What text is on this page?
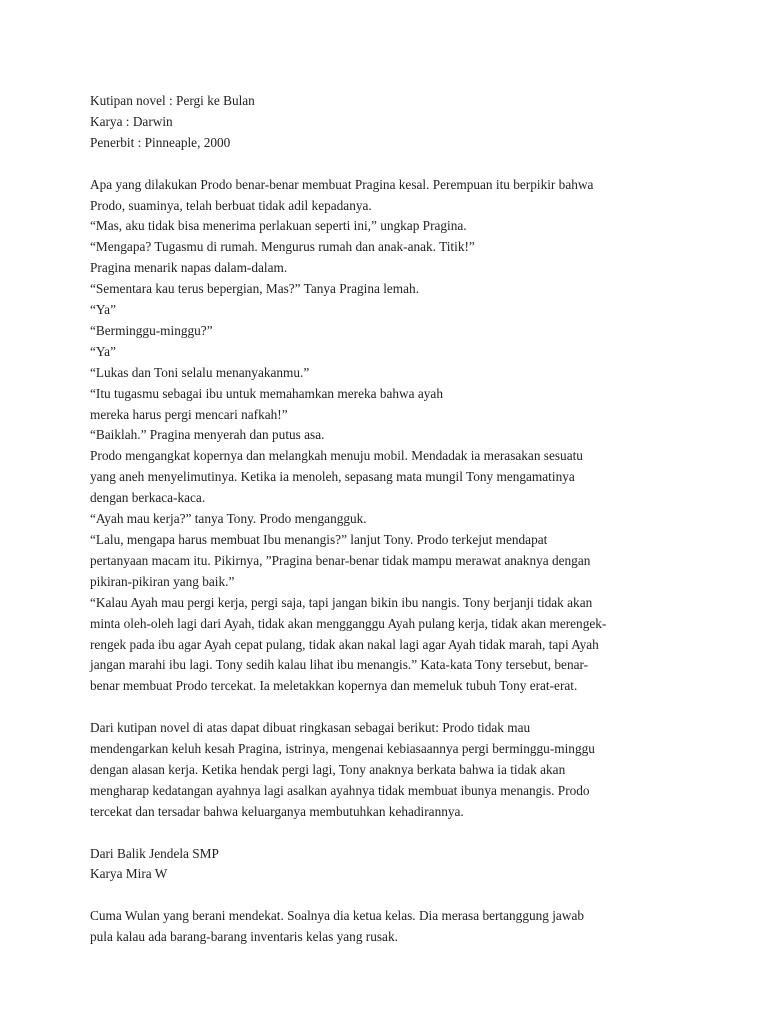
Kutipan novel : Pergi ke Bulan
Karya : Darwin
Penerbit : Pinneaple, 2000
Apa yang dilakukan Prodo benar-benar membuat Pragina kesal. Perempuan itu berpikir bahwa
Prodo, suaminya, telah berbuat tidak adil kepadanya.
“Mas, aku tidak bisa menerima perlakuan seperti ini,” ungkap Pragina.
“Mengapa? Tugasmu di rumah. Mengurus rumah dan anak-anak. Titik!”
Pragina menarik napas dalam-dalam.
“Sementara kau terus bepergian, Mas?” Tanya Pragina lemah.
“Ya”
“Berminggu-minggu?”
“Ya”
“Lukas dan Toni selalu menanyakanmu.”
“Itu tugasmu sebagai ibu untuk memahamkan mereka bahwa ayah
mereka harus pergi mencari nafkah!”
“Baiklah.” Pragina menyerah dan putus asa.
Prodo mengangkat kopernya dan melangkah menuju mobil. Mendadak ia merasakan sesuatu
yang aneh menyelimutinya. Ketika ia menoleh, sepasang mata mungil Tony mengamatinya
dengan berkaca-kaca.
“Ayah mau kerja?” tanya Tony. Prodo mengangguk.
“Lalu, mengapa harus membuat Ibu menangis?” lanjut Tony. Prodo terkejut mendapat
pertanyaan macam itu. Pikirnya, ”Pragina benar-benar tidak mampu merawat anaknya dengan
pikiran-pikiran yang baik.”
“Kalau Ayah mau pergi kerja, pergi saja, tapi jangan bikin ibu nangis. Tony berjanji tidak akan
minta oleh-oleh lagi dari Ayah, tidak akan mengganggu Ayah pulang kerja, tidak akan merengek-
rengek pada ibu agar Ayah cepat pulang, tidak akan nakal lagi agar Ayah tidak marah, tapi Ayah
jangan marahi ibu lagi. Tony sedih kalau lihat ibu menangis.” Kata-kata Tony tersebut, benar-
benar membuat Prodo tercekat. Ia meletakkan kopernya dan memeluk tubuh Tony erat-erat.
Dari kutipan novel di atas dapat dibuat ringkasan sebagai berikut: Prodo tidak mau
mendengarkan keluh kesah Pragina, istrinya, mengenai kebiasaannya pergi berminggu-minggu
dengan alasan kerja. Ketika hendak pergi lagi, Tony anaknya berkata bahwa ia tidak akan
mengharap kedatangan ayahnya lagi asalkan ayahnya tidak membuat ibunya menangis. Prodo
tercekat dan tersadar bahwa keluarganya membutuhkan kehadirannya.
Dari Balik Jendela SMP
Karya Mira W
Cuma Wulan yang berani mendekat. Soalnya dia ketua kelas. Dia merasa bertanggung jawab
pula kalau ada barang-barang inventaris kelas yang rusak.
